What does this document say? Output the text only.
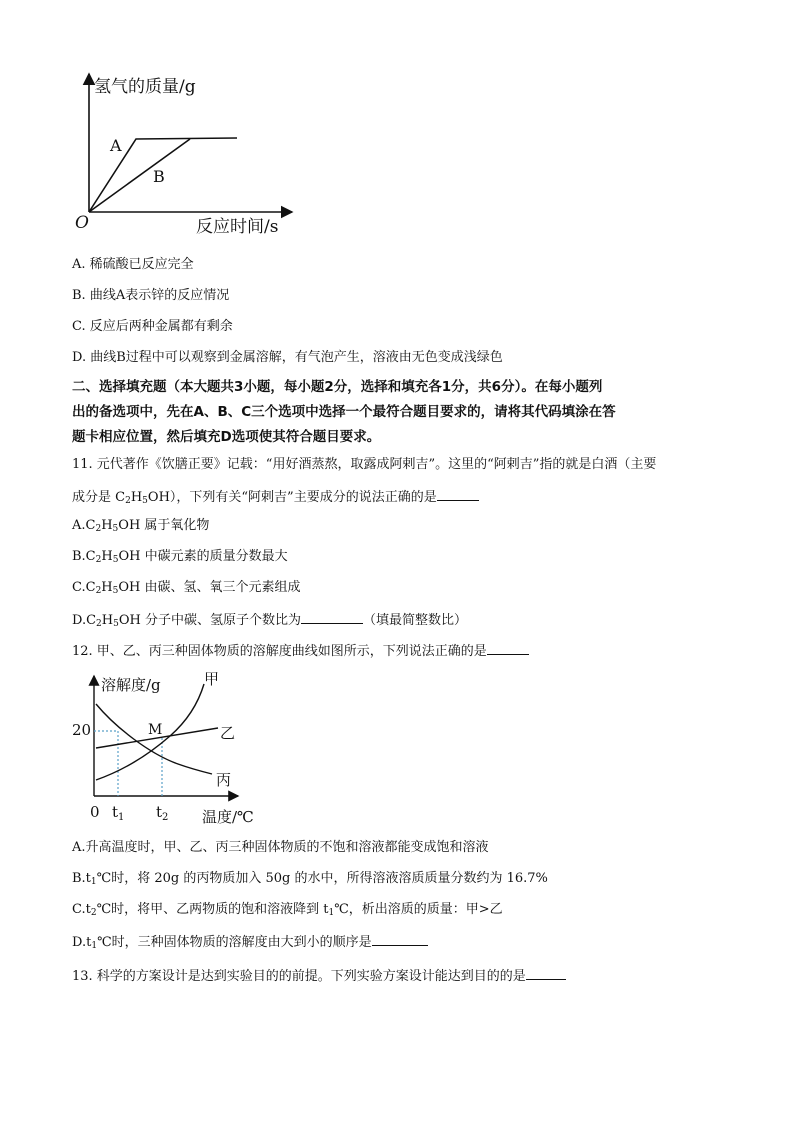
氢气的质量/g
反应时间/s
O
A
B
A. 稀硫酸已反应完全
B. 曲线A表示锌的反应情况
C. 反应后两种金属都有剩余
D. 曲线B过程中可以观察到金属溶解，有气泡产生，溶液由无色变成浅绿色
二、选择填充题（本大题共3小题，每小题2分，选择和填充各1分，共6分）。在每小题列
出的备选项中，先在A、B、C三个选项中选择一个最符合题目要求的，请将其代码填涂在答
题卡相应位置，然后填充D选项使其符合题目要求。
11. 元代著作《饮膳正要》记载：“用好酒蒸熬，取露成阿剌吉”。这里的“阿剌吉”指的就是白酒（主要
成分是 $C_2H_5OH$），下列有关“阿剌吉”主要成分的说法正确的是
$A.C_2H_5OH$ 属于氧化物
$B.C_2H_5OH$ 中碳元素的质量分数最大
$C.C_2H_5OH$ 由碳、氢、氧三个元素组成
$D.C_2H_5OH$ 分子中碳、氢原子个数比为	（填最简整数比）
12. 甲、乙、丙三种固体物质的溶解度曲线如图所示，下列说法正确的是
溶解度/g
温度/℃
20
0 $t_1$ $t_2$
M
甲
乙
丙
A.升高温度时，甲、乙、丙三种固体物质的不饱和溶液都能变成饱和溶液
$B.t_1℃$时，将 20g 的丙物质加入 50g 的水中，所得溶液溶质质量分数约为 16.7%
$C.t_2℃$时，将甲、乙两物质的饱和溶液降到 $t_1℃$，析出溶质的质量：甲>乙
$D.t_1℃$时，三种固体物质的溶解度由大到小的顺序是
13. 科学的方案设计是达到实验目的的前提。下列实验方案设计能达到目的的是
